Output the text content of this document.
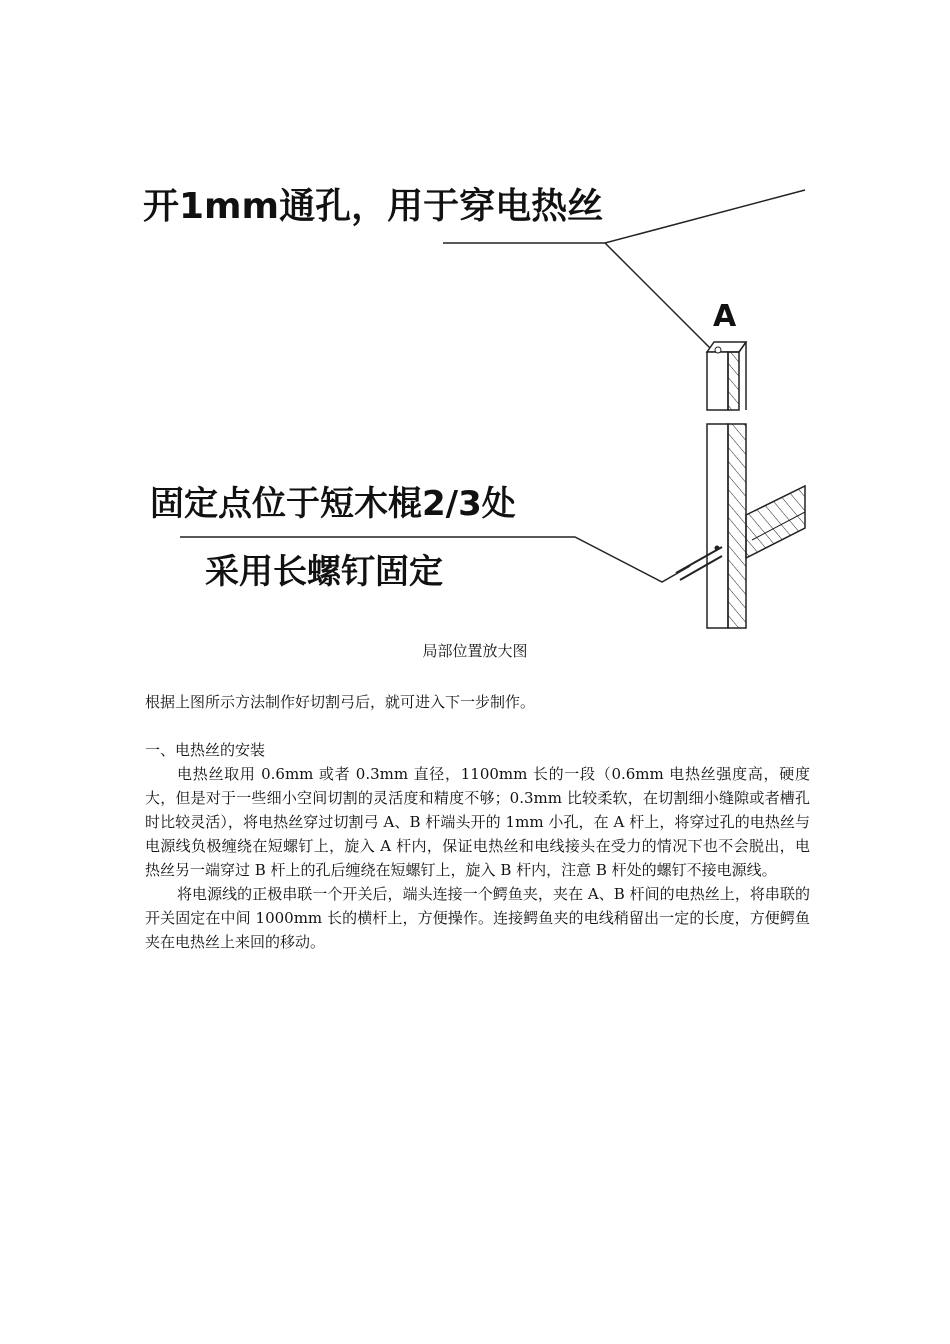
开1mm通孔，用于穿电热丝
A
固定点位于短木棍2/3处
采用长螺钉固定
局部位置放大图
根据上图所示方法制作好切割弓后，就可进入下一步制作。
一、电热丝的安装

电热丝取用 0.6mm 或者 0.3mm 直径，1100mm 长的一段（0.6mm 电热丝强度高，硬度大，但是对于一些细小空间切割的灵活度和精度不够；0.3mm 比较柔软，在切割细小缝隙或者槽孔时比较灵活），将电热丝穿过切割弓 A、B 杆端头开的 1mm 小孔，在 A 杆上，将穿过孔的电热丝与电源线负极缠绕在短螺钉上，旋入 A 杆内，保证电热丝和电线接头在受力的情况下也不会脱出，电热丝另一端穿过 B 杆上的孔后缠绕在短螺钉上，旋入 B 杆内，注意 B 杆处的螺钉不接电源线。

将电源线的正极串联一个开关后，端头连接一个鳄鱼夹，夹在 A、B 杆间的电热丝上，将串联的开关固定在中间 1000mm 长的横杆上，方便操作。连接鳄鱼夹的电线稍留出一定的长度，方便鳄鱼夹在电热丝上来回的移动。
